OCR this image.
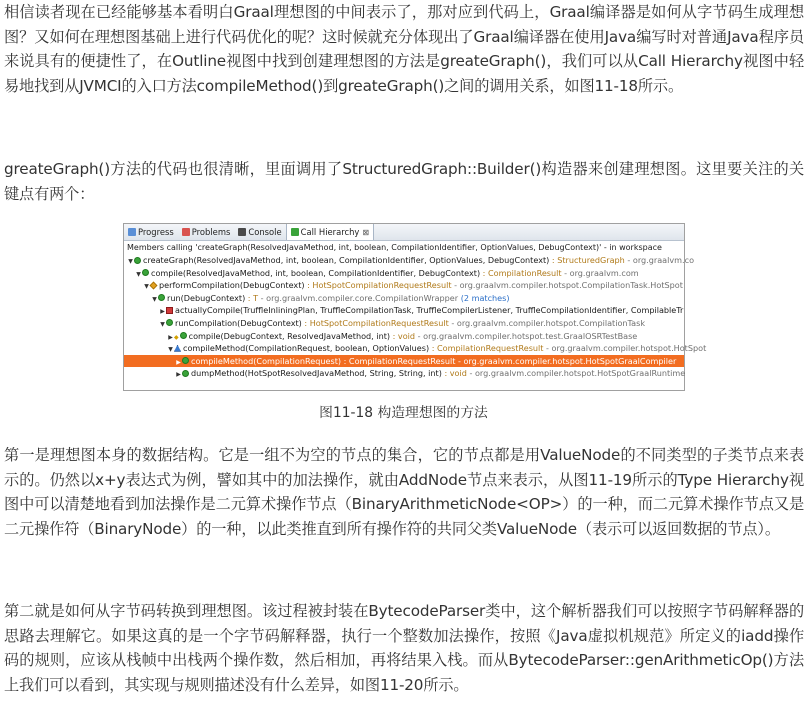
相信读者现在已经能够基本看明白Graal理想图的中间表示了，那对应到代码上，Graal编译器是如何从字节码生成理想图？又如何在理想图基础上进行代码优化的呢？这时候就充分体现出了Graal编译器在使用Java编写时对普通Java程序员来说具有的便捷性了，在Outline视图中找到创建理想图的方法是greateGraph()，我们可以从Call Hierarchy视图中轻易地找到从JVMCI的入口方法compileMethod()到greateGraph()之间的调用关系，如图11-18所示。

greateGraph()方法的代码也很清晰，里面调用了StructuredGraph::Builder()构造器来创建理想图。这里要关注的关键点有两个：

Progress Problems Console Call Hierarchy ⊠
Members calling 'createGraph(ResolvedJavaMethod, int, boolean, CompilationIdentifier, OptionValues, DebugContext)' - in workspace
▼ createGraph(ResolvedJavaMethod, int, boolean, CompilationIdentifier, OptionValues, DebugContext) : StructuredGraph - org.graalvm.co
▼ compile(ResolvedJavaMethod, int, boolean, CompilationIdentifier, DebugContext) : CompilationResult - org.graalvm.com
▼ performCompilation(DebugContext) : HotSpotCompilationRequestResult - org.graalvm.compiler.hotspot.CompilationTask.HotSpot
▼ run(DebugContext) : T - org.graalvm.compiler.core.CompilationWrapper (2 matches)
▶ actuallyCompile(TruffleInliningPlan, TruffleCompilationTask, TruffleCompilerListener, TruffleCompilationIdentifier, CompilableTr
▼ runCompilation(DebugContext) : HotSpotCompilationRequestResult - org.graalvm.compiler.hotspot.CompilationTask
▶◆ compile(DebugContext, ResolvedJavaMethod, int) : void - org.graalvm.compiler.hotspot.test.GraalOSRTestBase
▼ compileMethod(CompilationRequest, boolean, OptionValues) : CompilationRequestResult - org.graalvm.compiler.hotspot.HotSpot
▶ compileMethod(CompilationRequest) : CompilationRequestResult - org.graalvm.compiler.hotspot.HotSpotGraalCompiler
▶ dumpMethod(HotSpotResolvedJavaMethod, String, String, int) : void - org.graalvm.compiler.hotspot.HotSpotGraalRuntime
图11-18 构造理想图的方法

第一是理想图本身的数据结构。它是一组不为空的节点的集合，它的节点都是用ValueNode的不同类型的子类节点来表示的。仍然以x+y表达式为例，譬如其中的加法操作，就由AddNode节点来表示，从图11-19所示的Type Hierarchy视图中可以清楚地看到加法操作是二元算术操作节点（BinaryArithmeticNode<OP>）的一种，而二元算术操作节点又是二元操作符（BinaryNode）的一种，以此类推直到所有操作符的共同父类ValueNode（表示可以返回数据的节点）。

第二就是如何从字节码转换到理想图。该过程被封装在BytecodeParser类中，这个解析器我们可以按照字节码解释器的思路去理解它。如果这真的是一个字节码解释器，执行一个整数加法操作，按照《Java虚拟机规范》所定义的iadd操作码的规则，应该从栈帧中出栈两个操作数，然后相加，再将结果入栈。而从BytecodeParser::genArithmeticOp()方法上我们可以看到，其实现与规则描述没有什么差异，如图11-20所示。
